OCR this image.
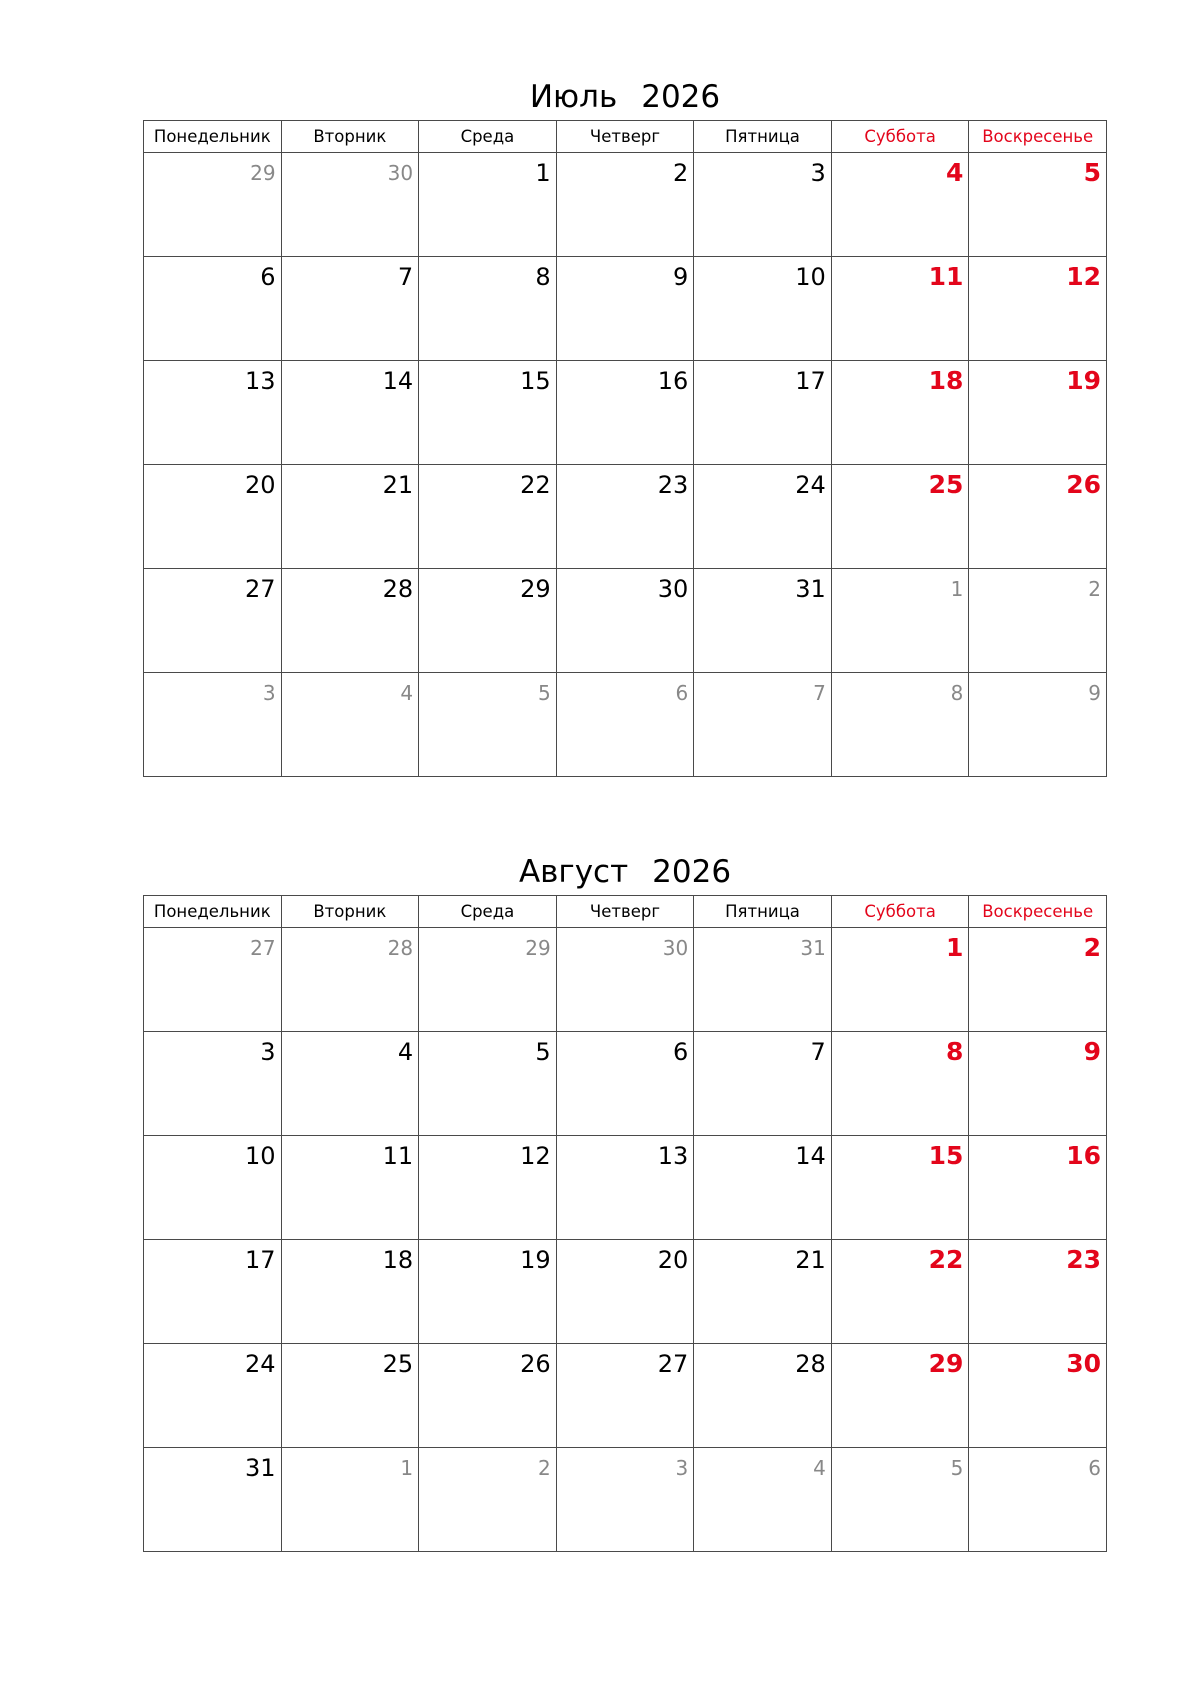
Июль 2026
Понедельник	Вторник	Среда	Четверг	Пятница	Суббота	Воскресенье

29	30	1	2	3	4	5

6	7	8	9	10	11	12

13	14	15	16	17	18	19

20	21	22	23	24	25	26

27	28	29	30	31	1	2

3	4	5	6	7	8	9
Август 2026
Понедельник	Вторник	Среда	Четверг	Пятница	Суббота	Воскресенье

27	28	29	30	31	1	2

3	4	5	6	7	8	9

10	11	12	13	14	15	16

17	18	19	20	21	22	23

24	25	26	27	28	29	30

31	1	2	3	4	5	6
